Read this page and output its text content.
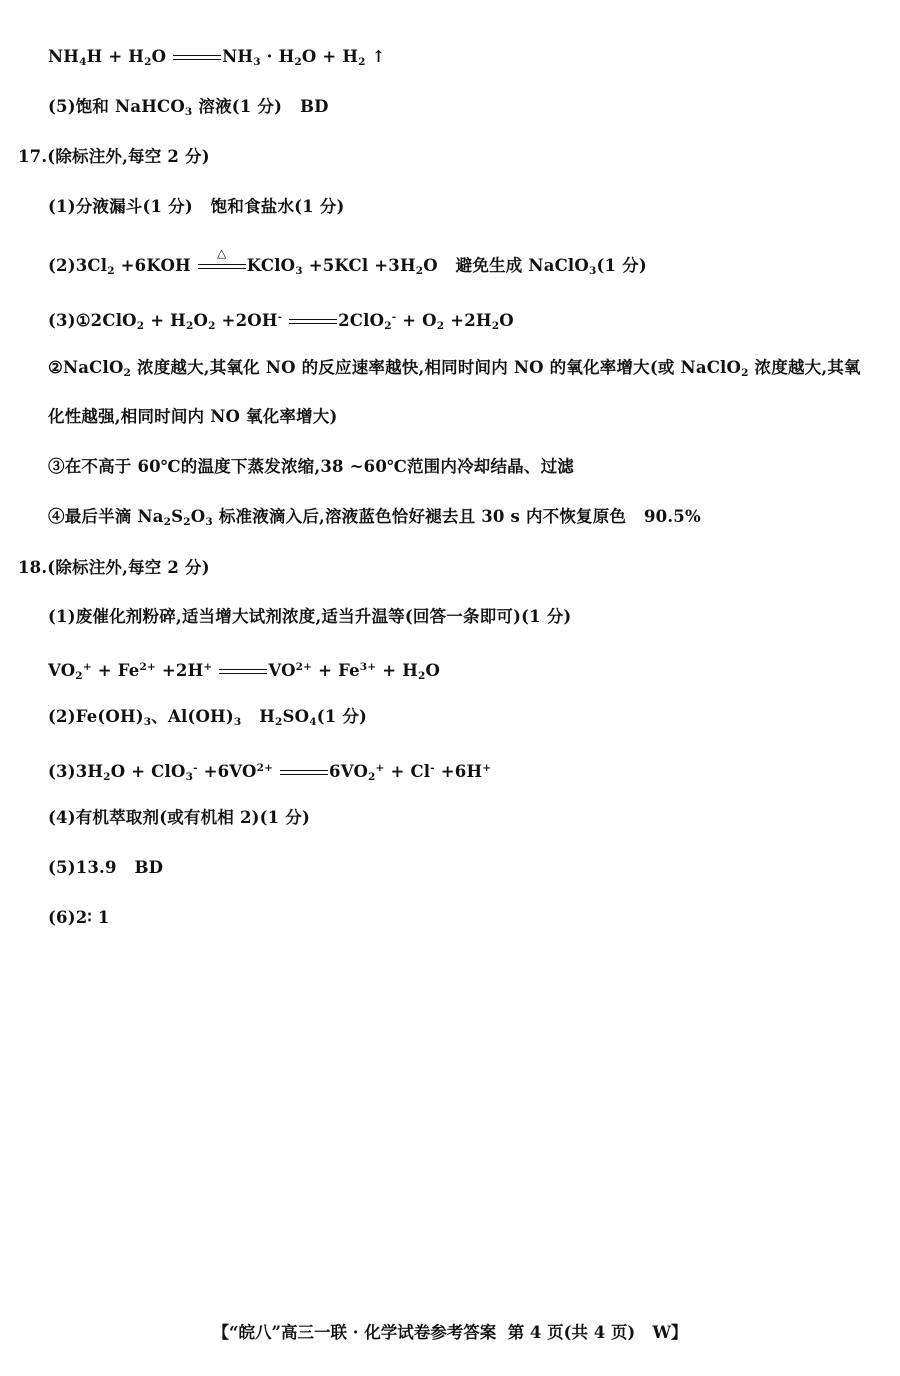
$NH_4H + H_2O$	$NH_3 \cdot H_2O + H_2$ ↑
(5)饱和 NaHCO$_3$ 溶液(1 分)   BD
17.(除标注外,每空 2 分)
(1)分液漏斗(1 分)   饱和食盐水(1 分)
$(2)3Cl_2 +6KOH$
△
KClO$_3$ $+5KCl +3H_2O$   避免生成 NaClO$_3$(1 分)
(3)①2ClO$_2$ + $H_2O_2 +2OH^-$	$2ClO_2^- + O_2 +2H_2O$
②NaClO$_2$ 浓度越大,其氧化 NO 的反应速率越快,相同时间内 NO 的氧化率增大(或 NaClO$_2$ 浓度越大,其氧
化性越强,相同时间内 NO 氧化率增大)
③在不高于 60℃的温度下蒸发浓缩,38 ~60℃范围内冷却结晶、过滤
④最后半滴 $Na_2S_2O_3$ 标准液滴入后,溶液蓝色恰好褪去且 30 s 内不恢复原色   90.5%
18.(除标注外,每空 2 分)
(1)废催化剂粉碎,适当增大试剂浓度,适当升温等(回答一条即可)(1 分)
$VO_2^+ + Fe^{2+} +2H^+$	$VO^{2+} + Fe^{3+} + H_2O$
$(2)Fe(OH)_3$、$Al(OH)_3$   $H_2SO_4(1$ 分)
$(3)3H_2O + ClO_3^- +6VO^{2+}$	$6VO_2^+ + Cl^- +6H^+$
(4)有机萃取剂(或有机相 2)(1 分)
(5)13.9   BD
(6)2∶ 1
【“皖八”高三一联 · 化学试卷参考答案  第 4 页(共 4 页)   W】
